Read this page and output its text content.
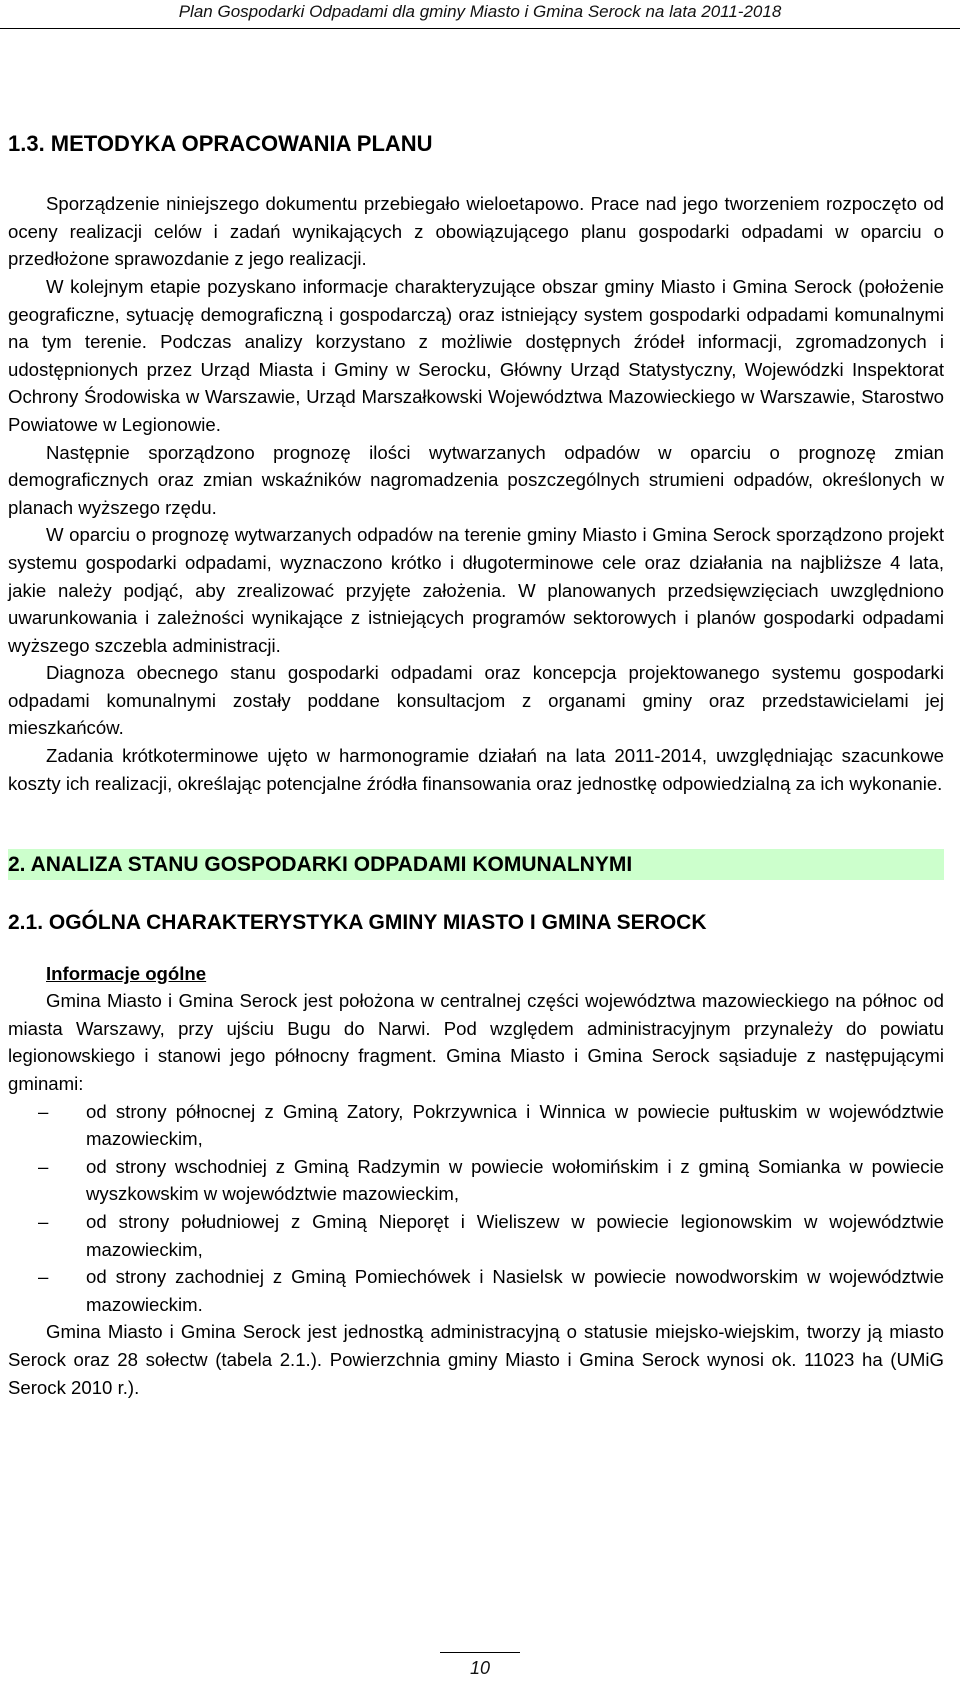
Plan Gospodarki Odpadami dla gminy Miasto i Gmina Serock na lata 2011-2018
1.3. METODYKA OPRACOWANIA PLANU

Sporządzenie niniejszego dokumentu przebiegało wieloetapowo. Prace nad jego tworzeniem rozpoczęto od oceny realizacji celów i zadań wynikających z obowiązującego planu gospodarki odpadami w oparciu o przedłożone sprawozdanie z jego realizacji.

W kolejnym etapie pozyskano informacje charakteryzujące obszar gminy Miasto i Gmina Serock (położenie geograficzne, sytuację demograficzną i gospodarczą) oraz istniejący system gospodarki odpadami komunalnymi na tym terenie. Podczas analizy korzystano z możliwie dostępnych źródeł informacji, zgromadzonych i udostępnionych przez Urząd Miasta i Gminy w Serocku, Główny Urząd Statystyczny, Wojewódzki Inspektorat Ochrony Środowiska w Warszawie, Urząd Marszałkowski Województwa Mazowieckiego w Warszawie, Starostwo Powiatowe w Legionowie.

Następnie sporządzono prognozę ilości wytwarzanych odpadów w oparciu o prognozę zmian demograficznych oraz zmian wskaźników nagromadzenia poszczególnych strumieni odpadów, określonych w planach wyższego rzędu.

W oparciu o prognozę wytwarzanych odpadów na terenie gminy Miasto i Gmina Serock sporządzono projekt systemu gospodarki odpadami, wyznaczono krótko i długoterminowe cele oraz działania na najbliższe 4 lata, jakie należy podjąć, aby zrealizować przyjęte założenia. W planowanych przedsięwzięciach uwzględniono uwarunkowania i zależności wynikające z istniejących programów sektorowych i planów gospodarki odpadami wyższego szczebla administracji.

Diagnoza obecnego stanu gospodarki odpadami oraz koncepcja projektowanego systemu gospodarki odpadami komunalnymi zostały poddane konsultacjom z organami gminy oraz przedstawicielami jej mieszkańców.

Zadania krótkoterminowe ujęto w harmonogramie działań na lata 2011-2014, uwzględniając szacunkowe koszty ich realizacji, określając potencjalne źródła finansowania oraz jednostkę odpowiedzialną za ich wykonanie.

2. ANALIZA STANU GOSPODARKI ODPADAMI KOMUNALNYMI
2.1. OGÓLNA CHARAKTERYSTYKA GMINY MIASTO I GMINA SEROCK
Informacje ogólne

Gmina Miasto i Gmina Serock jest położona w centralnej części województwa mazowieckiego na północ od miasta Warszawy, przy ujściu Bugu do Narwi. Pod względem administracyjnym przynależy do powiatu legionowskiego i stanowi jego północny fragment. Gmina Miasto i Gmina Serock sąsiaduje z następującymi gminami:

– od strony północnej z Gminą Zatory, Pokrzywnica i Winnica w powiecie pułtuskim w województwie mazowieckim,
– od strony wschodniej z Gminą Radzymin w powiecie wołomińskim i z gminą Somianka w powiecie wyszkowskim w województwie mazowieckim,
– od strony południowej z Gminą Nieporęt i Wieliszew w powiecie legionowskim w województwie mazowieckim,
– od strony zachodniej z Gminą Pomiechówek i Nasielsk w powiecie nowodworskim w województwie mazowieckim.

Gmina Miasto i Gmina Serock jest jednostką administracyjną o statusie miejsko-wiejskim, tworzy ją miasto Serock oraz 28 sołectw (tabela 2.1.). Powierzchnia gminy Miasto i Gmina Serock wynosi ok. 11023 ha (UMiG Serock 2010 r.).

10
